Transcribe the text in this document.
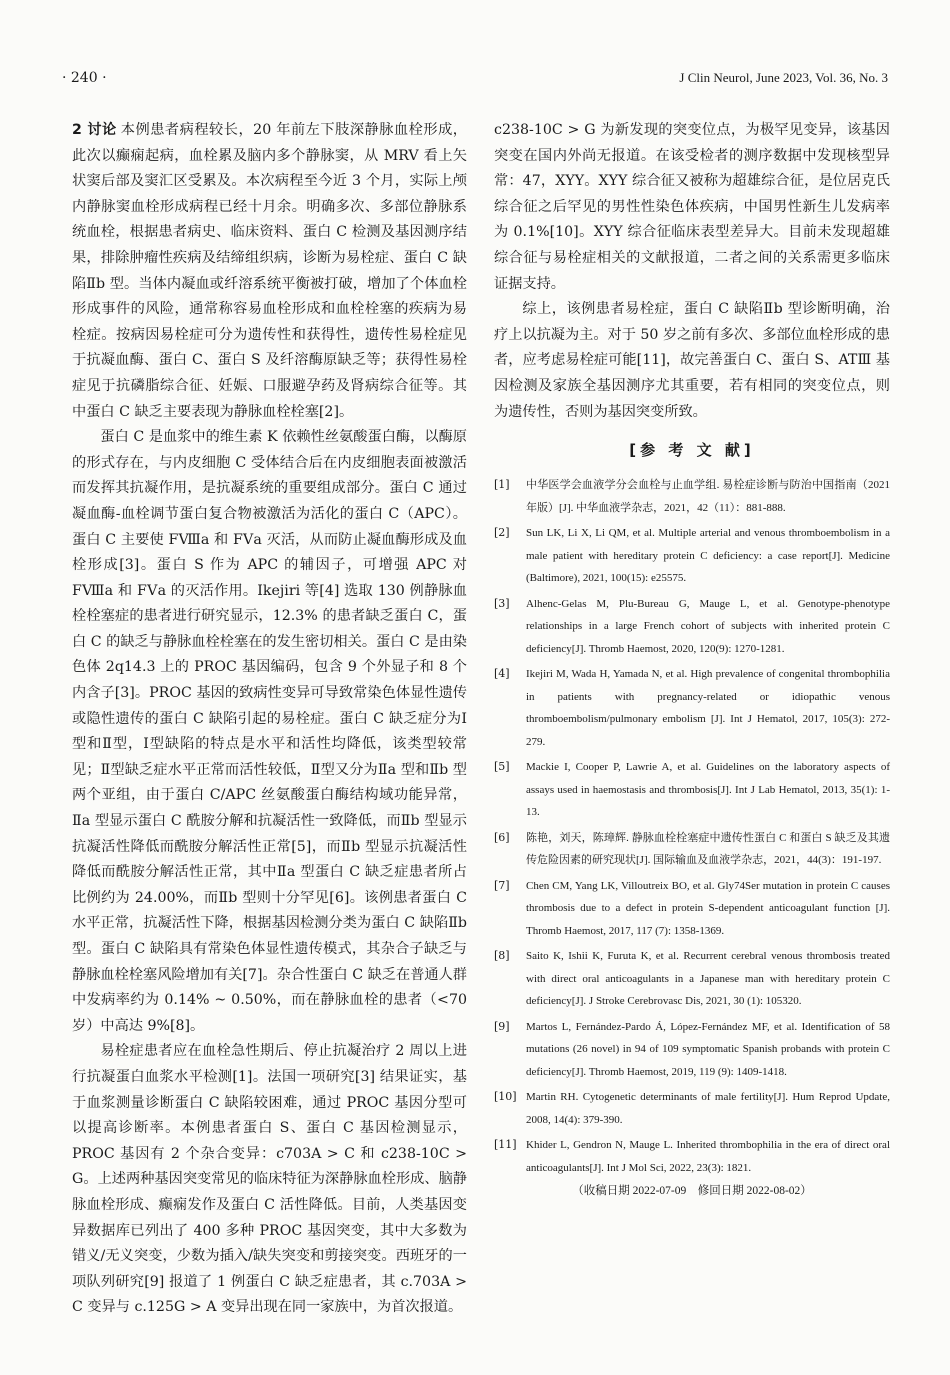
· 240 ·	J Clin Neurol, June 2023, Vol. 36, No. 3

2 讨论 本例患者病程较长，20 年前左下肢深静脉血栓形成，此次以癫痫起病，血栓累及脑内多个静脉窦，从 MRV 看上矢状窦后部及窦汇区受累及。本次病程至今近 3 个月，实际上颅内静脉窦血栓形成病程已经十月余。明确多次、多部位静脉系统血栓，根据患者病史、临床资料、蛋白 C 检测及基因测序结果，排除肿瘤性疾病及结缔组织病，诊断为易栓症、蛋白 C 缺陷Ⅱb 型。当体内凝血或纤溶系统平衡被打破，增加了个体血栓形成事件的风险，通常称容易血栓形成和血栓栓塞的疾病为易栓症。按病因易栓症可分为遗传性和获得性，遗传性易栓症见于抗凝血酶、蛋白 C、蛋白 S 及纤溶酶原缺乏等；获得性易栓症见于抗磷脂综合征、妊娠、口服避孕药及肾病综合征等。其中蛋白 C 缺乏主要表现为静脉血栓栓塞[2]。

蛋白 C 是血浆中的维生素 K 依赖性丝氨酸蛋白酶，以酶原的形式存在，与内皮细胞 C 受体结合后在内皮细胞表面被激活而发挥其抗凝作用，是抗凝系统的重要组成部分。蛋白 C 通过凝血酶-血栓调节蛋白复合物被激活为活化的蛋白 C（APC）。蛋白 C 主要使 FⅧa 和 FⅤa 灭活，从而防止凝血酶形成及血栓形成[3]。蛋白 S 作为 APC 的辅因子，可增强 APC 对 FⅧa 和 FⅤa 的灭活作用。Ikejiri 等[4] 选取 130 例静脉血栓栓塞症的患者进行研究显示，12.3% 的患者缺乏蛋白 C，蛋白 C 的缺乏与静脉血栓栓塞在的发生密切相关。蛋白 C 是由染色体 2q14.3 上的 PROC 基因编码，包含 9 个外显子和 8 个内含子[3]。PROC 基因的致病性变异可导致常染色体显性遗传或隐性遗传的蛋白 C 缺陷引起的易栓症。蛋白 C 缺乏症分为Ⅰ型和Ⅱ型，Ⅰ型缺陷的特点是水平和活性均降低，该类型较常见；Ⅱ型缺乏症水平正常而活性较低，Ⅱ型又分为Ⅱa 型和Ⅱb 型两个亚组，由于蛋白 C/APC 丝氨酸蛋白酶结构域功能异常，Ⅱa 型显示蛋白 C 酰胺分解和抗凝活性一致降低，而Ⅱb 型显示抗凝活性降低而酰胺分解活性正常[5]，而Ⅱb 型显示抗凝活性降低而酰胺分解活性正常，其中Ⅱa 型蛋白 C 缺乏症患者所占比例约为 24.00%，而Ⅱb 型则十分罕见[6]。该例患者蛋白 C 水平正常，抗凝活性下降，根据基因检测分类为蛋白 C 缺陷Ⅱb 型。蛋白 C 缺陷具有常染色体显性遗传模式，其杂合子缺乏与静脉血栓栓塞风险增加有关[7]。杂合性蛋白 C 缺乏在普通人群中发病率约为 0.14% ~ 0.50%，而在静脉血栓的患者（<70 岁）中高达 9%[8]。

易栓症患者应在血栓急性期后、停止抗凝治疗 2 周以上进行抗凝蛋白血浆水平检测[1]。法国一项研究[3] 结果证实，基于血浆测量诊断蛋白 C 缺陷较困难，通过 PROC 基因分型可以提高诊断率。本例患者蛋白 S、蛋白 C 基因检测显示，PROC 基因有 2 个杂合变异：c703A > C 和 c238-10C > G。上述两种基因突变常见的临床特征为深静脉血栓形成、脑静脉血栓形成、癫痫发作及蛋白 C 活性降低。目前，人类基因变异数据库已列出了 400 多种 PROC 基因突变，其中大多数为错义/无义突变，少数为插入/缺失突变和剪接突变。西班牙的一项队列研究[9] 报道了 1 例蛋白 C 缺乏症患者，其 c.703A > C 变异与 c.125G > A 变异出现在同一家族中，为首次报道。

c238-10C > G 为新发现的突变位点，为极罕见变异，该基因突变在国内外尚无报道。在该受检者的测序数据中发现核型异常：47，XYY。XYY 综合征又被称为超雄综合征，是位居克氏综合征之后罕见的男性性染色体疾病，中国男性新生儿发病率为 0.1%[10]。XYY 综合征临床表型差异大。目前未发现超雄综合征与易栓症相关的文献报道，二者之间的关系需更多临床证据支持。

综上，该例患者易栓症，蛋白 C 缺陷Ⅱb 型诊断明确，治疗上以抗凝为主。对于 50 岁之前有多次、多部位血栓形成的患者，应考虑易栓症可能[11]，故完善蛋白 C、蛋白 S、ATⅢ 基因检测及家族全基因测序尤其重要，若有相同的突变位点，则为遗传性，否则为基因突变所致。

[参 考 文 献]
[1]	中华医学会血液学分会血栓与止血学组. 易栓症诊断与防治中国指南（2021 年版）[J]. 中华血液学杂志，2021，42（11）：881-888.
[2]	Sun LK, Li X, Li QM, et al. Multiple arterial and venous thromboembolism in a male patient with hereditary protein C deficiency: a case report[J]. Medicine (Baltimore), 2021, 100(15): e25575.
[3]	Alhenc-Gelas M, Plu-Bureau G, Mauge L, et al. Genotype-phenotype relationships in a large French cohort of subjects with inherited protein C deficiency[J]. Thromb Haemost, 2020, 120(9): 1270-1281.
[4]	Ikejiri M, Wada H, Yamada N, et al. High prevalence of congenital thrombophilia in patients with pregnancy-related or idiopathic venous thromboembolism/pulmonary embolism [J]. Int J Hematol, 2017, 105(3): 272-279.
[5]	Mackie I, Cooper P, Lawrie A, et al. Guidelines on the laboratory aspects of assays used in haemostasis and thrombosis[J]. Int J Lab Hematol, 2013, 35(1): 1-13.
[6]	陈艳，刘天，陈璋辉. 静脉血栓栓塞症中遗传性蛋白 C 和蛋白 S 缺乏及其遗传危险因素的研究现状[J]. 国际输血及血液学杂志，2021，44(3)：191-197.
[7]	Chen CM, Yang LK, Villoutreix BO, et al. Gly74Ser mutation in protein C causes thrombosis due to a defect in protein S-dependent anticoagulant function [J]. Thromb Haemost, 2017, 117 (7): 1358-1369.
[8]	Saito K, Ishii K, Furuta K, et al. Recurrent cerebral venous thrombosis treated with direct oral anticoagulants in a Japanese man with hereditary protein C deficiency[J]. J Stroke Cerebrovasc Dis, 2021, 30 (1): 105320.
[9]	Martos L, Fernández-Pardo Á, López-Fernández MF, et al. Identification of 58 mutations (26 novel) in 94 of 109 symptomatic Spanish probands with protein C deficiency[J]. Thromb Haemost, 2019, 119 (9): 1409-1418.
[10] Martin RH. Cytogenetic determinants of male fertility[J]. Hum Reprod Update, 2008, 14(4): 379-390.
[11] Khider L, Gendron N, Mauge L. Inherited thrombophilia in the era of direct oral anticoagulants[J]. Int J Mol Sci, 2022, 23(3): 1821.
（收稿日期 2022-07-09　修回日期 2022-08-02）
